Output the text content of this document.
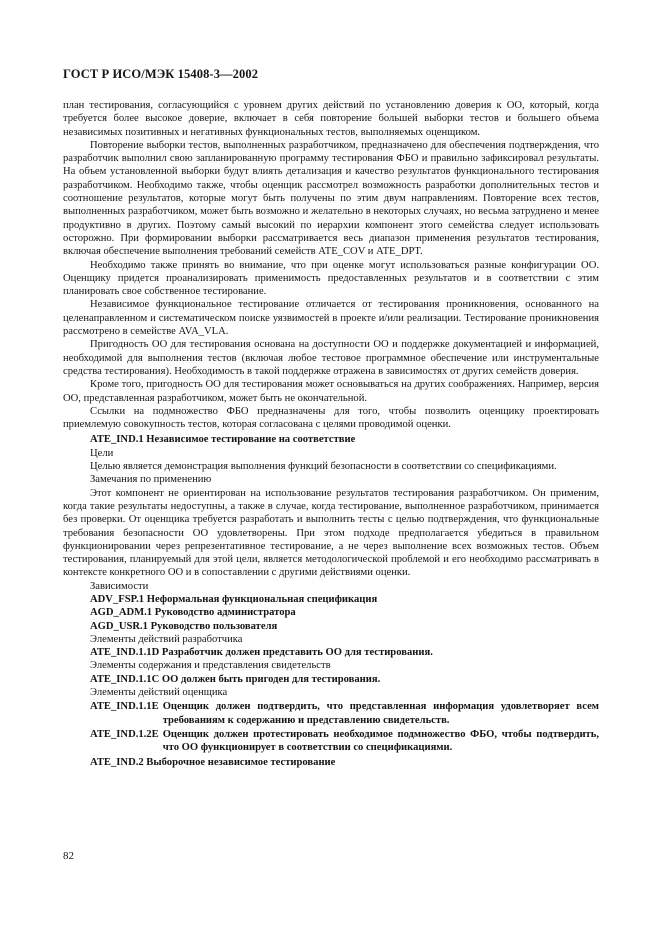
ГОСТ Р ИСО/МЭК 15408-3—2002

план тестирования, согласующийся с уровнем других действий по установлению доверия к ОО, который, когда требуется более высокое доверие, включает в себя повторение большей выборки тестов и большего объема независимых позитивных и негативных функциональных тестов, выполняемых оценщиком.

Повторение выборки тестов, выполненных разработчиком, предназначено для обеспечения подтверждения, что разработчик выполнил свою запланированную программу тестирования ФБО и правильно зафиксировал результаты. На объем установленной выборки будут влиять детализация и качество результатов функционального тестирования разработчиком. Необходимо также, чтобы оценщик рассмотрел возможность разработки дополнительных тестов и соотношение результатов, которые могут быть получены по этим двум направлениям. Повторение всех тестов, выполненных разработчиком, может быть возможно и желательно в некоторых случаях, но весьма затруднено и менее продуктивно в других. Поэтому самый высокий по иерархии компонент этого семейства следует использовать осторожно. При формировании выборки рассматривается весь диапазон применения результатов тестирования, включая обеспечение выполнения требований семейств ATE_COV и ATE_DPT.

Необходимо также принять во внимание, что при оценке могут использоваться разные конфигурации ОО. Оценщику придется проанализировать применимость предоставленных результатов и в соответствии с этим планировать свое собственное тестирование.

Независимое функциональное тестирование отличается от тестирования проникновения, основанного на целенаправленном и систематическом поиске уязвимостей в проекте и/или реализации. Тестирование проникновения рассмотрено в семействе AVA_VLA.

Пригодность ОО для тестирования основана на доступности ОО и поддержке документацией и информацией, необходимой для выполнения тестов (включая любое тестовое программное обеспечение или инструментальные средства тестирования). Необходимость в такой поддержке отражена в зависимостях от других семейств доверия.

Кроме того, пригодность ОО для тестирования может основываться на других соображениях. Например, версия ОО, представленная разработчиком, может быть не окончательной.

Ссылки на подмножество ФБО предназначены для того, чтобы позволить оценщику проектировать приемлемую совокупность тестов, которая согласована с целями проводимой оценки.

ATE_IND.1 Независимое тестирование на соответствие

Цели

Целью является демонстрация выполнения функций безопасности в соответствии со спецификациями.

Замечания по применению

Этот компонент не ориентирован на использование результатов тестирования разработчиком. Он применим, когда такие результаты недоступны, а также в случае, когда тестирование, выполненное разработчиком, принимается без проверки. От оценщика требуется разработать и выполнить тесты с целью подтверждения, что функциональные требования безопасности ОО удовлетворены. При этом подходе предполагается убедиться в правильном функционировании через репрезентативное тестирование, а не через выполнение всех возможных тестов. Объем тестирования, планируемый для этой цели, является методологической проблемой и его необходимо рассматривать в контексте конкретного ОО и в сопоставлении с другими действиями оценки.

Зависимости

ADV_FSP.1 Неформальная функциональная спецификация

AGD_ADM.1 Руководство администратора

AGD_USR.1 Руководство пользователя

Элементы действий разработчика

ATE_IND.1.1D Разработчик должен представить ОО для тестирования.

Элементы содержания и представления свидетельств

ATE_IND.1.1C ОО должен быть пригоден для тестирования.

Элементы действий оценщика

ATE_IND.1.1E Оценщик должен подтвердить, что представленная информация удовлетворяет всем требованиям к содержанию и представлению свидетельств.
ATE_IND.1.2E Оценщик должен протестировать необходимое подмножество ФБО, чтобы подтвердить, что ОО функционирует в соответствии со спецификациями.

ATE_IND.2 Выборочное независимое тестирование

82
